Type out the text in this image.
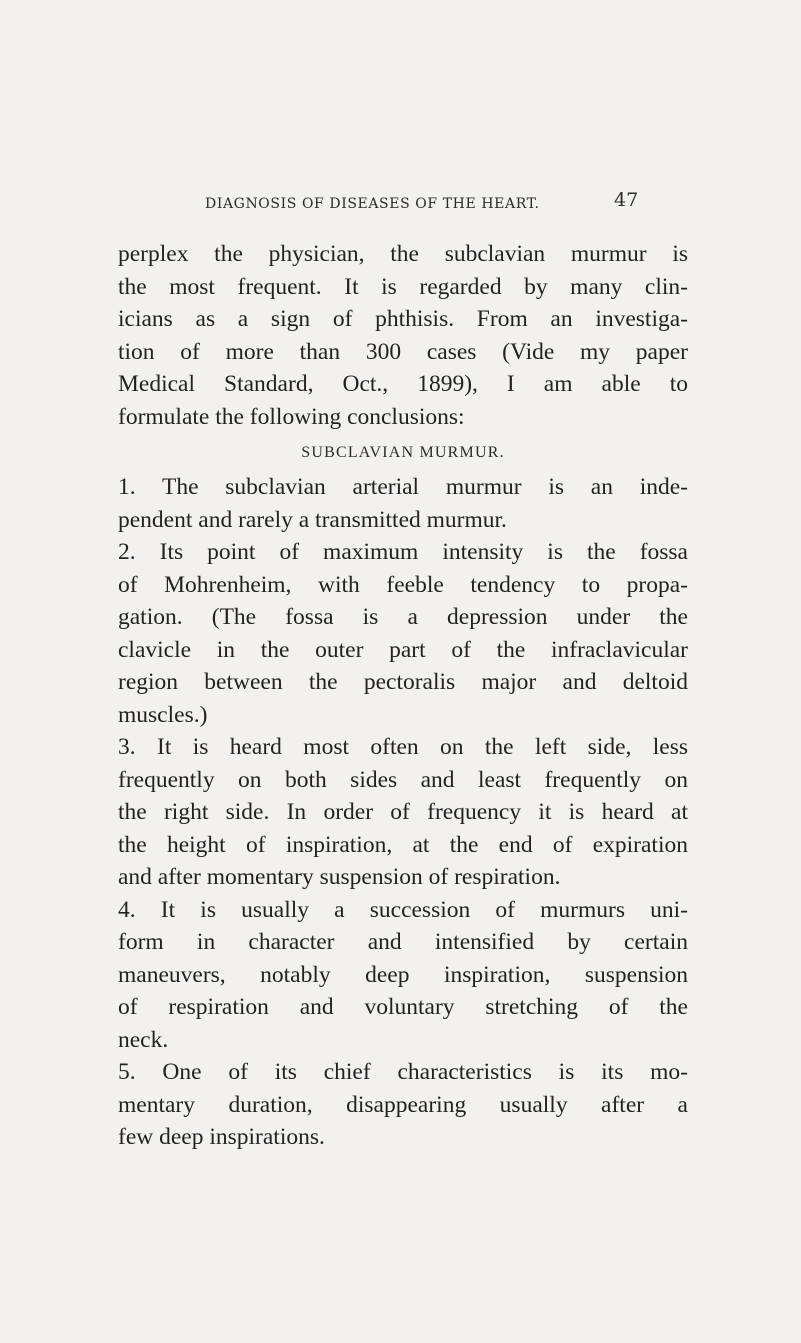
DIAGNOSIS OF DISEASES OF THE HEART.	47
perplex the physician, the subclavian murmur is
the most frequent. It is regarded by many clin-
icians as a sign of phthisis. From an investiga-
tion of more than 300 cases (Vide my paper
Medical Standard, Oct., 1899), I am able to
formulate the following conclusions:
SUBCLAVIAN MURMUR.
1. The subclavian arterial murmur is an inde-
pendent and rarely a transmitted murmur.
2. Its point of maximum intensity is the fossa
of Mohrenheim, with feeble tendency to propa-
gation. (The fossa is a depression under the
clavicle in the outer part of the infraclavicular
region between the pectoralis major and deltoid
muscles.)
3. It is heard most often on the left side, less
frequently on both sides and least frequently on
the right side. In order of frequency it is heard at
the height of inspiration, at the end of expiration
and after momentary suspension of respiration.
4. It is usually a succession of murmurs uni-
form in character and intensified by certain
maneuvers, notably deep inspiration, suspension
of respiration and voluntary stretching of the
neck.
5. One of its chief characteristics is its mo-
mentary duration, disappearing usually after a
few deep inspirations.
